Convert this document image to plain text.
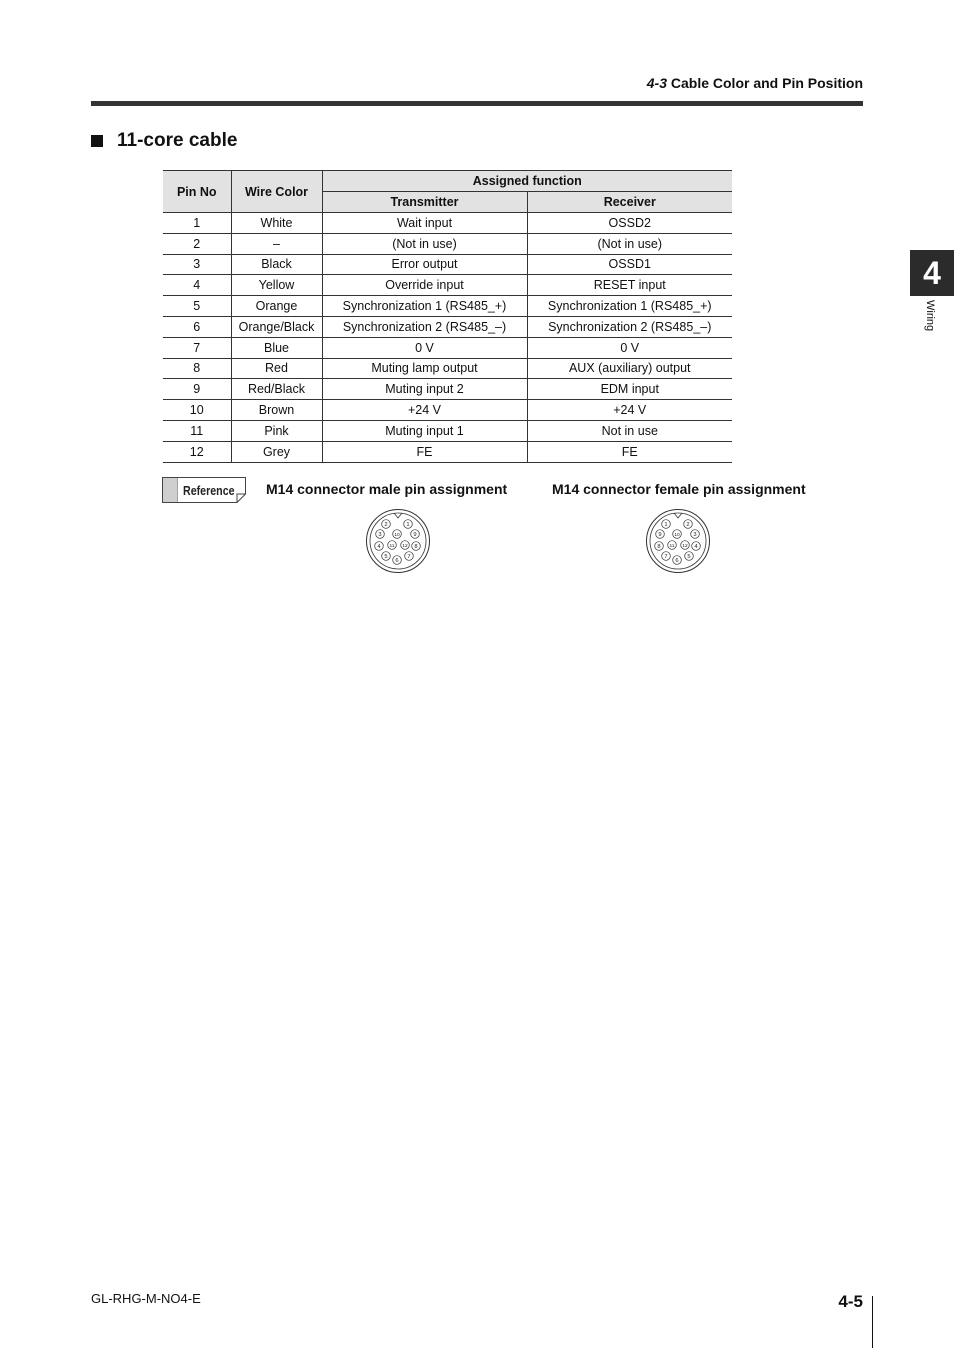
4-3 Cable Color and Pin Position
4
Wiring
11-core cable
Pin No	Wire Color	Assigned function	
		Transmitter	Receiver
1	White	Wait input	OSSD2
2	–	(Not in use)	(Not in use)
3	Black	Error output	OSSD1
4	Yellow	Override input	RESET input
5	Orange	Synchronization 1 (RS485_+)	Synchronization 1 (RS485_+)
6	Orange/Black	Synchronization 2 (RS485_–)	Synchronization 2 (RS485_–)
7	Blue	0 V	0 V
8	Red	Muting lamp output	AUX (auxiliary) output
9	Red/Black	Muting input 2	EDM input
10	Brown	+24 V	+24 V
11	Pink	Muting input 1	Not in use
12	Grey	FE	FE
Reference M14 connector male pin assignment	M14 connector female pin assignment
1
2
3
4
5
6
7
8
9
10
11 12
1	2
3
4
5
6
7
8
9	10
11 12
GL-RHG-M-NO4-E	4-5
